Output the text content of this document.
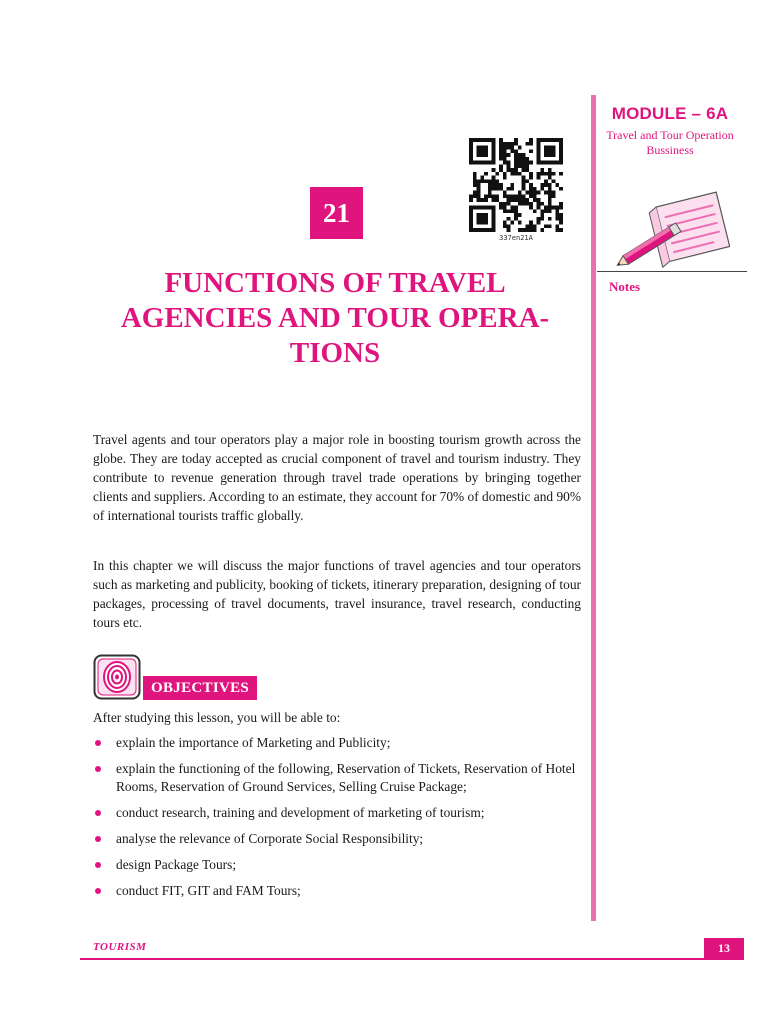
MODULE – 6A
Travel and Tour Operation
Bussiness
Notes
337en21A
21
FUNCTIONS OF TRAVEL
AGENCIES AND TOUR OPERA-
TIONS

Travel agents and tour operators play a major role in boosting tourism growth across the globe. They are today accepted as crucial component of travel and tourism industry. They contribute to revenue generation through travel trade operations by bringing together clients and suppliers. According to an estimate, they account for 70% of domestic and 90% of international tourists traffic globally.

In this chapter we will discuss the major functions of travel agencies and tour operators such as marketing and publicity, booking of tickets, itinerary preparation, designing of tour packages, processing of travel documents, travel insurance, travel research, conducting tours etc.

OBJECTIVES

After studying this lesson, you will be able to:

explain the importance of Marketing and Publicity;
explain the functioning of the following, Reservation of Tickets, Reservation of Hotel Rooms, Reservation of Ground Services, Selling Cruise Package;
conduct research, training and development of marketing of tourism;
analyse the relevance of Corporate Social Responsibility;
design Package Tours;
conduct FIT, GIT and FAM Tours;
TOURISM	13
